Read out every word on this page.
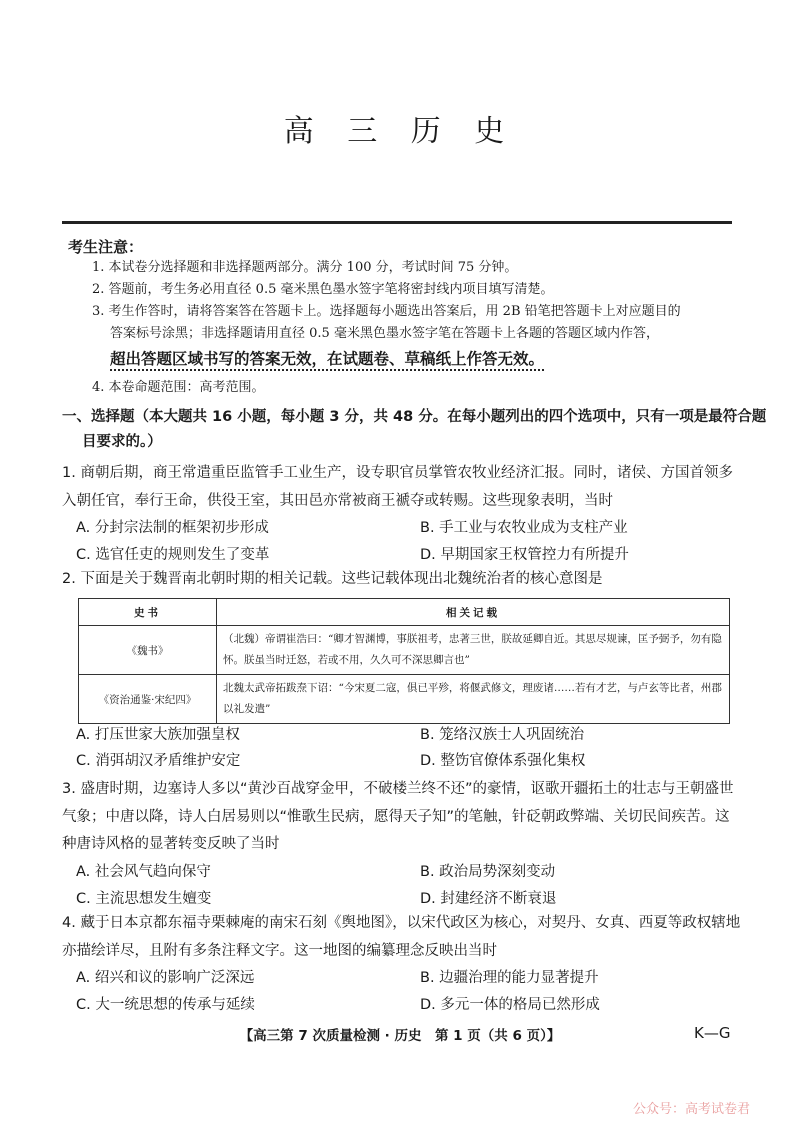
高 三 历 史
考生注意：
1. 本试卷分选择题和非选择题两部分。满分 100 分，考试时间 75 分钟。
2. 答题前，考生务必用直径 0.5 毫米黑色墨水签字笔将密封线内项目填写清楚。
3. 考生作答时，请将答案答在答题卡上。选择题每小题选出答案后，用 2B 铅笔把答题卡上对应题目的
答案标号涂黑；非选择题请用直径 0.5 毫米黑色墨水签字笔在答题卡上各题的答题区域内作答，
超出答题区域书写的答案无效，在试题卷、草稿纸上作答无效。
4. 本卷命题范围：高考范围。
一、选择题（本大题共 16 小题，每小题 3 分，共 48 分。在每小题列出的四个选项中，只有一项是最符合题
目要求的。）
1. 商朝后期，商王常遣重臣监管手工业生产，设专职官员掌管农牧业经济汇报。同时，诸侯、方国首领多
入朝任官，奉行王命，供役王室，其田邑亦常被商王褫夺或转赐。这些现象表明，当时
A. 分封宗法制的框架初步形成	B. 手工业与农牧业成为支柱产业
C. 选官任吏的规则发生了变革	D. 早期国家王权管控力有所提升
2. 下面是关于魏晋南北朝时期的相关记载。这些记载体现出北魏统治者的核心意图是
史书	相关记载
《魏书》	（北魏）帝谓崔浩曰：“卿才智渊博，事朕祖考，忠著三世，朕故延卿自近。其思尽规谏，匡予弼予，勿有隐怀。朕虽当时迁怒，若或不用，久久可不深思卿言也”
《资治通鉴·宋纪四》	北魏太武帝拓跋焘下诏：“今宋夏二寇，俱已平殄，将偃武修文，理废诸……若有才艺，与卢玄等比者，州郡以礼发遣”
A. 打压世家大族加强皇权	B. 笼络汉族士人巩固统治
C. 消弭胡汉矛盾维护安定	D. 整饬官僚体系强化集权
3. 盛唐时期，边塞诗人多以“黄沙百战穿金甲，不破楼兰终不还”的豪情，讴歌开疆拓土的壮志与王朝盛世
气象；中唐以降，诗人白居易则以“惟歌生民病，愿得天子知”的笔触，针砭朝政弊端、关切民间疾苦。这
种唐诗风格的显著转变反映了当时
A. 社会风气趋向保守	B. 政治局势深刻变动
C. 主流思想发生嬗变	D. 封建经济不断衰退
4. 藏于日本京都东福寺栗棘庵的南宋石刻《舆地图》，以宋代政区为核心，对契丹、女真、西夏等政权辖地
亦描绘详尽，且附有多条注释文字。这一地图的编纂理念反映出当时
A. 绍兴和议的影响广泛深远	B. 边疆治理的能力显著提升
C. 大一统思想的传承与延续	D. 多元一体的格局已然形成
【高三第 7 次质量检测 · 历史　第 1 页（共 6 页）】	K—G
公众号：高考试卷君
